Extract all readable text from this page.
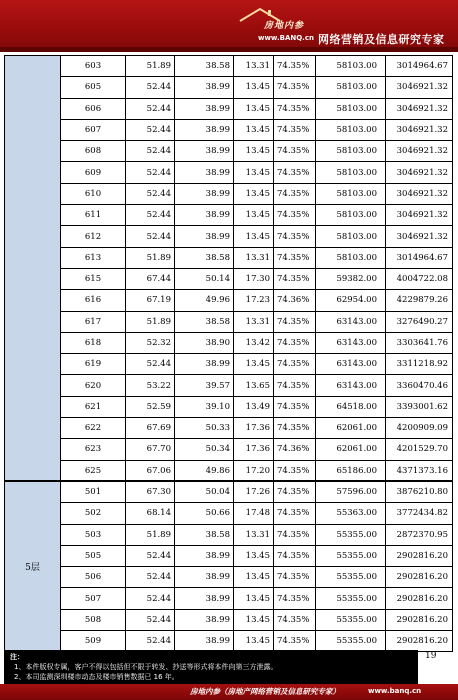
房地内参
www.BANQ.cn 网络营销及信息研究专家
	603	51.89	38.58	13.31	74.35%	58103.00	3014964.67
	605	52.44	38.99	13.45	74.35%	58103.00	3046921.32
	606	52.44	38.99	13.45	74.35%	58103.00	3046921.32
	607	52.44	38.99	13.45	74.35%	58103.00	3046921.32
	608	52.44	38.99	13.45	74.35%	58103.00	3046921.32
	609	52.44	38.99	13.45	74.35%	58103.00	3046921.32
	610	52.44	38.99	13.45	74.35%	58103.00	3046921.32
	611	52.44	38.99	13.45	74.35%	58103.00	3046921.32
	612	52.44	38.99	13.45	74.35%	58103.00	3046921.32
	613	51.89	38.58	13.31	74.35%	58103.00	3014964.67
	615	67.44	50.14	17.30	74.35%	59382.00	4004722.08
	616	67.19	49.96	17.23	74.36%	62954.00	4229879.26
	617	51.89	38.58	13.31	74.35%	63143.00	3276490.27
	618	52.32	38.90	13.42	74.35%	63143.00	3303641.76
	619	52.44	38.99	13.45	74.35%	63143.00	3311218.92
	620	53.22	39.57	13.65	74.35%	63143.00	3360470.46
	621	52.59	39.10	13.49	74.35%	64518.00	3393001.62
	622	67.69	50.33	17.36	74.35%	62061.00	4200909.09
	623	67.70	50.34	17.36	74.36%	62061.00	4201529.70
	625	67.06	49.86	17.20	74.35%	65186.00	4371373.16
5层	501	67.30	50.04	17.26	74.35%	57596.00	3876210.80
	502	68.14	50.66	17.48	74.35%	55363.00	3772434.82
	503	51.89	38.58	13.31	74.35%	55355.00	2872370.95
	505	52.44	38.99	13.45	74.35%	55355.00	2902816.20
	506	52.44	38.99	13.45	74.35%	55355.00	2902816.20
	507	52.44	38.99	13.45	74.35%	55355.00	2902816.20
	508	52.44	38.99	13.45	74.35%	55355.00	2902816.20
	509	52.44	38.99	13.45	74.35%	55355.00	2902816.20
注：
1、本件版权专属，客户不得以包括但不限于转发、抄送等形式将本件向第三方泄露。
2、本司监测深圳楼市动态及楼市销售数据已 16 年。
19
房地内参（房地产网络营销及信息研究专家）	www.banq.cn
